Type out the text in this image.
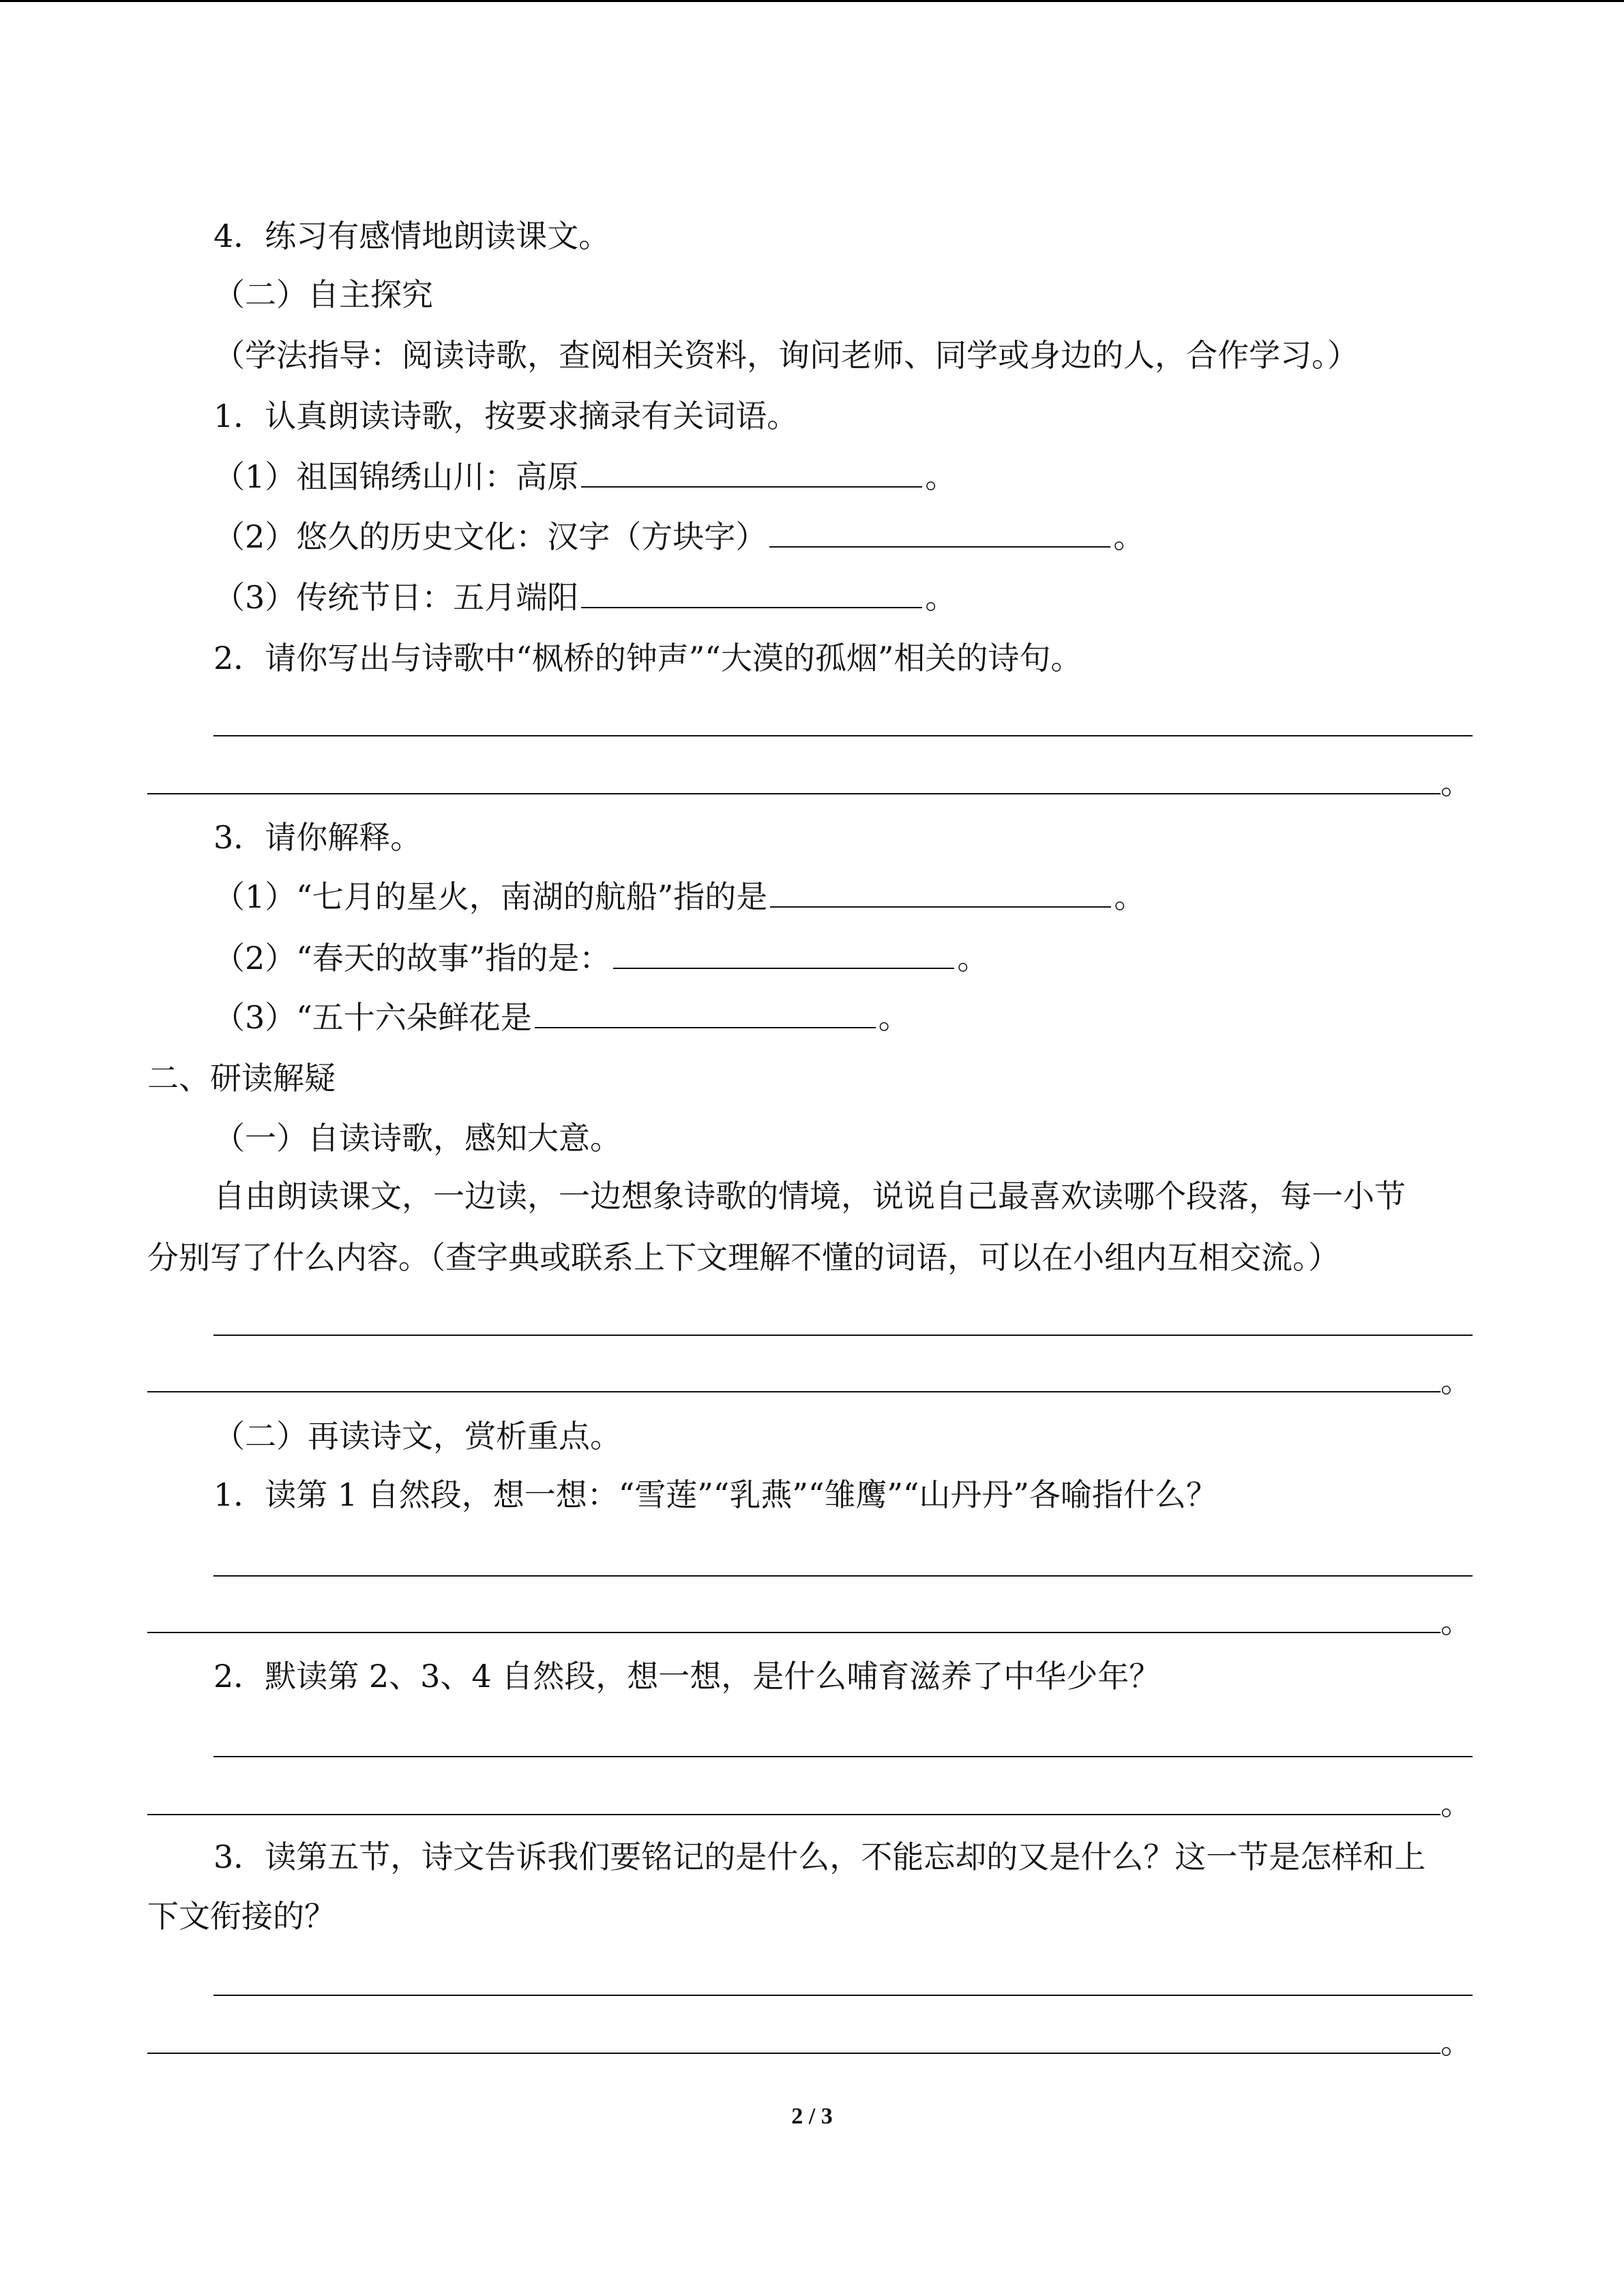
4．练习有感情地朗读课文。
（二）自主探究
（学法指导：阅读诗歌，查阅相关资料，询问老师、同学或身边的人，合作学习。）
1．认真朗读诗歌，按要求摘录有关词语。
（1）祖国锦绣山川：高原	。
（2）悠久的历史文化：汉字（方块字）	。
（3）传统节日：五月端阳	。
2．请你写出与诗歌中“枫桥的钟声”“大漠的孤烟”相关的诗句。
。
3．请你解释。
（1）“七月的星火，南湖的航船”指的是	。
（2）“春天的故事”指的是：	。
（3）“五十六朵鲜花是	。
二、研读解疑
（一）自读诗歌，感知大意。
自由朗读课文，一边读，一边想象诗歌的情境，说说自己最喜欢读哪个段落，每一小节
分别写了什么内容。（查字典或联系上下文理解不懂的词语，可以在小组内互相交流。）
。
（二）再读诗文，赏析重点。
1．读第 1 自然段，想一想：“雪莲”“乳燕”“雏鹰”“山丹丹”各喻指什么？
。
2．默读第 2、3、4 自然段，想一想，是什么哺育滋养了中华少年？
。
3．读第五节，诗文告诉我们要铭记的是什么，不能忘却的又是什么？这一节是怎样和上
下文衔接的？
。
2 / 3
